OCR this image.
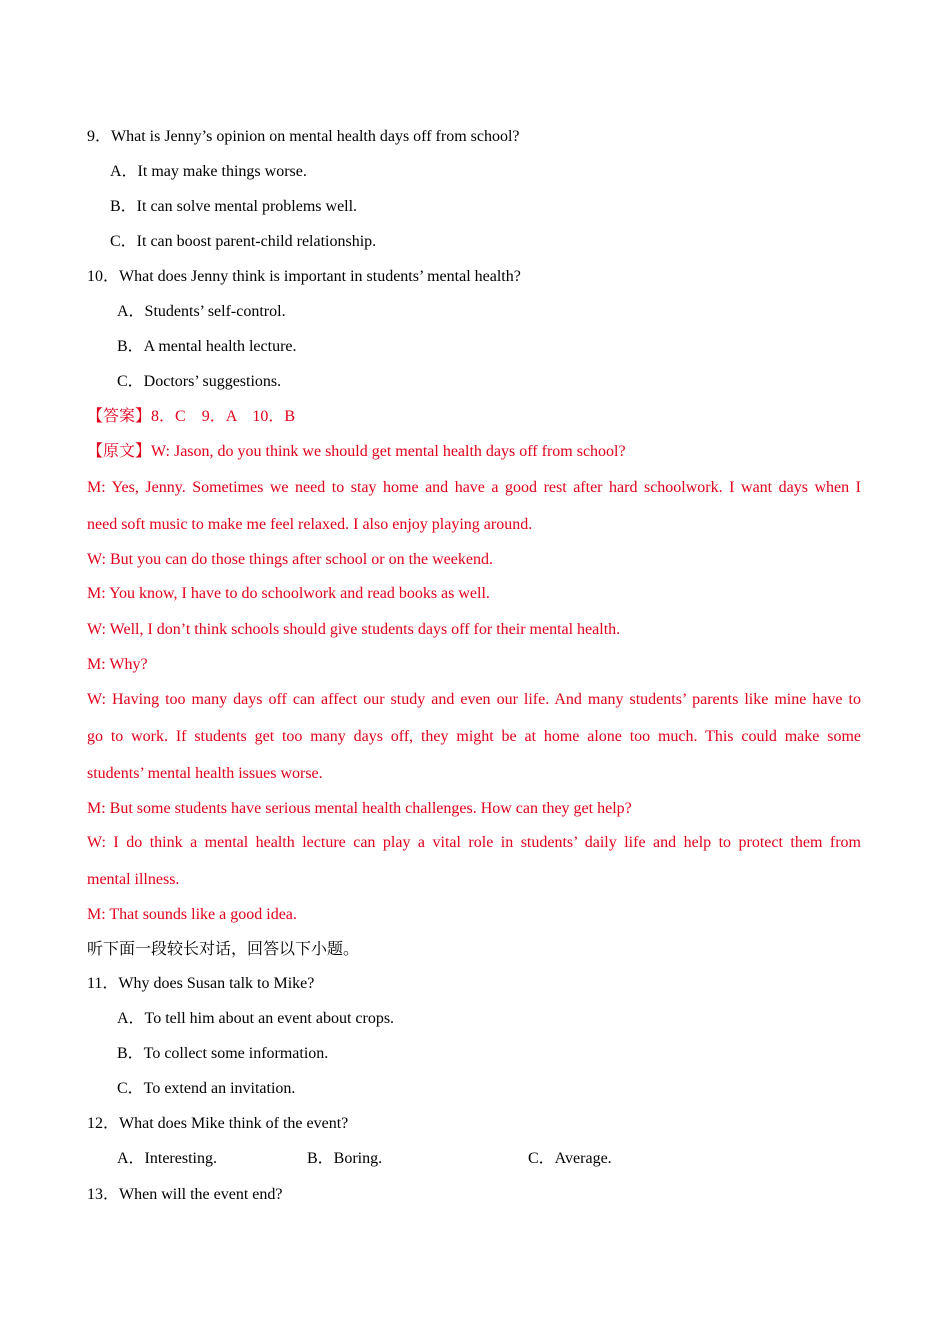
9．What is Jenny’s opinion on mental health days off from school?
A．It may make things worse.
B．It can solve mental problems well.
C．It can boost parent-child relationship.
10．What does Jenny think is important in students’ mental health?
A．Students’ self-control.
B．A mental health lecture.
C．Doctors’ suggestions.
【答案】8．C　9．A　10．B
【原文】W: Jason, do you think we should get mental health days off from school?
M: Yes, Jenny. Sometimes we need to stay home and have a good rest after hard schoolwork. I want days when I
need soft music to make me feel relaxed. I also enjoy playing around.
W: But you can do those things after school or on the weekend.
M: You know, I have to do schoolwork and read books as well.
W: Well, I don’t think schools should give students days off for their mental health.
M: Why?
W: Having too many days off can affect our study and even our life. And many students’ parents like mine have to
go to work. If students get too many days off, they might be at home alone too much. This could make some
students’ mental health issues worse.
M: But some students have serious mental health challenges. How can they get help?
W: I do think a mental health lecture can play a vital role in students’ daily life and help to protect them from
mental illness.
M: That sounds like a good idea.
听下面一段较长对话，回答以下小题。
11．Why does Susan talk to Mike?
A．To tell him about an event about crops.
B．To collect some information.
C．To extend an invitation.
12．What does Mike think of the event?
A．Interesting.	B．Boring.	C．Average.
13．When will the event end?
